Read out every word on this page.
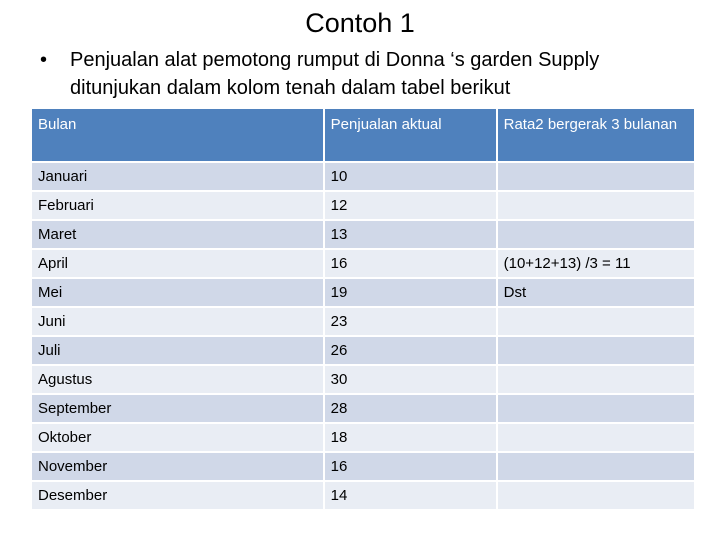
Contoh 1
•	Penjualan alat pemotong rumput di Donna ‘s garden Supply ditunjukan dalam kolom tenah dalam tabel berikut
Bulan	Penjualan aktual	Rata2 bergerak 3 bulanan
Januari	10	
Februari	12	
Maret	13	
April	16	(10+12+13) /3 = 11
Mei	19	Dst
Juni	23	
Juli	26	
Agustus	30	
September	28	
Oktober	18	
November	16	
Desember	14	
